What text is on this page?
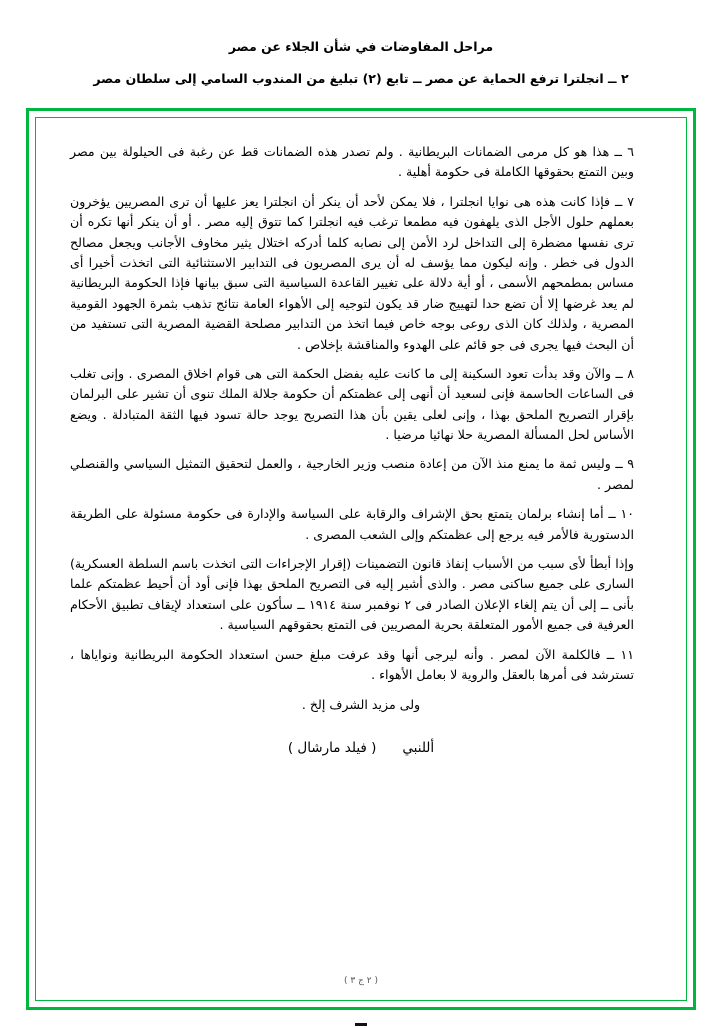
مراحل المفاوضات في شأن الجلاء عن مصر
٢ ــ انجلترا ترفع الحماية عن مصر ــ تابع (٢) تبليغ من المندوب السامي إلى سلطان مصر

٦ ــ هذا هو كل مرمى الضمانات البريطانية . ولم تصدر هذه الضمانات قط عن رغبة فى الحيلولة بين مصر وبين التمتع بحقوقها الكاملة فى حكومة أهلية .

٧ ــ فإذا كانت هذه هى نوايا انجلترا ، فلا يمكن لأحد أن ينكر أن انجلترا يعز عليها أن ترى المصريين يؤخرون بعملهم حلول الأجل الذى يلهفون فيه مطمعا ترغب فيه انجلترا كما تتوق إليه مصر . أو أن ينكر أنها تكره أن ترى نفسها مضطرة إلى التداخل لرد الأمن إلى نصابه كلما أدركه اختلال يثير مخاوف الأجانب ويجعل مصالح الدول فى خطر . وإنه ليكون مما يؤسف له أن يرى المصريون فى التدابير الاستثنائية التى اتخذت أخيرا أى مساس بمطمحهم الأسمى ، أو أية دلالة على تغيير القاعدة السياسية التى سبق بيانها فإذا الحكومة البريطانية لم يعد غرضها إلا أن تضع حدا لتهييج ضار قد يكون لتوجيه إلى الأهواء العامة نتائج تذهب بثمرة الجهود القومية المصرية ، ولذلك كان الذى روعى بوجه خاص فيما اتخذ من التدابير مصلحة القضية المصرية التى تستفيد من أن البحث فيها يجرى فى جو قائم على الهدوء والمناقشة بإخلاص .

٨ ــ والآن وقد بدأت تعود السكينة إلى ما كانت عليه بفضل الحكمة التى هى قوام اخلاق المصرى . وإنى تغلب فى الساعات الحاسمة فإنى لسعيد أن أنهى إلى عظمتكم أن حكومة جلالة الملك تنوى أن تشير على البرلمان بإقرار التصريح الملحق بهذا ، وإنى لعلى يقين بأن هذا التصريح يوجد حالة تسود فيها الثقة المتبادلة . ويضع الأساس لحل المسألة المصرية حلا نهائيا مرضيا .

٩ ــ وليس ثمة ما يمنع منذ الآن من إعادة منصب وزير الخارجية ، والعمل لتحقيق التمثيل السياسي والقنصلي لمصر .

١٠ ــ أما إنشاء برلمان يتمتع بحق الإشراف والرقابة على السياسة والإدارة فى حكومة مسئولة على الطريقة الدستورية فالأمر فيه يرجع إلى عظمتكم وإلى الشعب المصرى .

وإذا أبطأ لأى سبب من الأسباب إنفاذ قانون التضمينات (إقرار الإجراءات التى اتخذت باسم السلطة العسكرية) السارى على جميع ساكنى مصر . والذى أشير إليه فى التصريح الملحق بهذا فإنى أود أن أحيط عظمتكم علما بأنى ــ إلى أن يتم إلغاء الإعلان الصادر فى ٢ نوفمبر سنة ١٩١٤ ــ سأكون على استعداد لإيقاف تطبيق الأحكام العرفية فى جميع الأمور المتعلقة بحرية المصريين فى التمتع بحقوقهم السياسية .

١١ ــ فالكلمة الآن لمصر . وأنه ليرجى أنها وقد عرفت مبلغ حسن استعداد الحكومة البريطانية ونواياها ، تسترشد فى أمرها بالعقل والروية لا بعامل الأهواء .

ولى مزيد الشرف إلخ .

أللنبي( فيلد مارشال )
( ٢ ج ٣ )
